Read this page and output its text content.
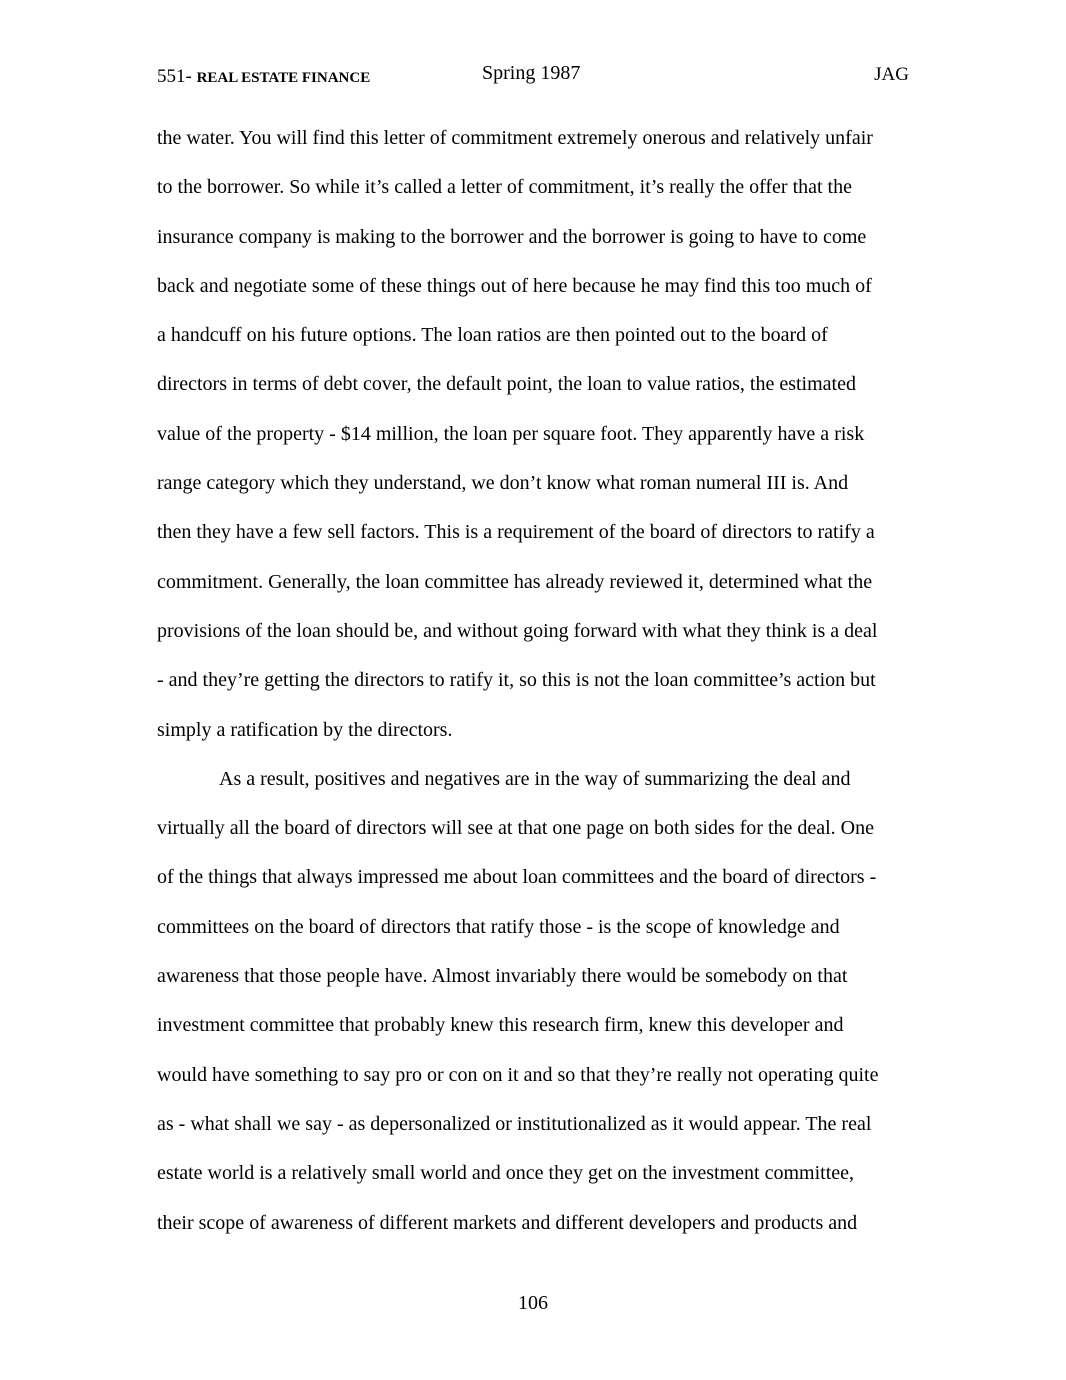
551- REAL ESTATE FINANCE	Spring 1987	JAG
the water. You will find this letter of commitment extremely onerous and relatively unfair
to the borrower. So while it’s called a letter of commitment, it’s really the offer that the
insurance company is making to the borrower and the borrower is going to have to come
back and negotiate some of these things out of here because he may find this too much of
a handcuff on his future options. The loan ratios are then pointed out to the board of
directors in terms of debt cover, the default point, the loan to value ratios, the estimated
value of the property - $14 million, the loan per square foot. They apparently have a risk
range category which they understand, we don’t know what roman numeral III is. And
then they have a few sell factors. This is a requirement of the board of directors to ratify a
commitment. Generally, the loan committee has already reviewed it, determined what the
provisions of the loan should be, and without going forward with what they think is a deal
- and they’re getting the directors to ratify it, so this is not the loan committee’s action but
simply a ratification by the directors.
As a result, positives and negatives are in the way of summarizing the deal and
virtually all the board of directors will see at that one page on both sides for the deal. One
of the things that always impressed me about loan committees and the board of directors -
committees on the board of directors that ratify those - is the scope of knowledge and
awareness that those people have. Almost invariably there would be somebody on that
investment committee that probably knew this research firm, knew this developer and
would have something to say pro or con on it and so that they’re really not operating quite
as - what shall we say - as depersonalized or institutionalized as it would appear. The real
estate world is a relatively small world and once they get on the investment committee,
their scope of awareness of different markets and different developers and products and
106
